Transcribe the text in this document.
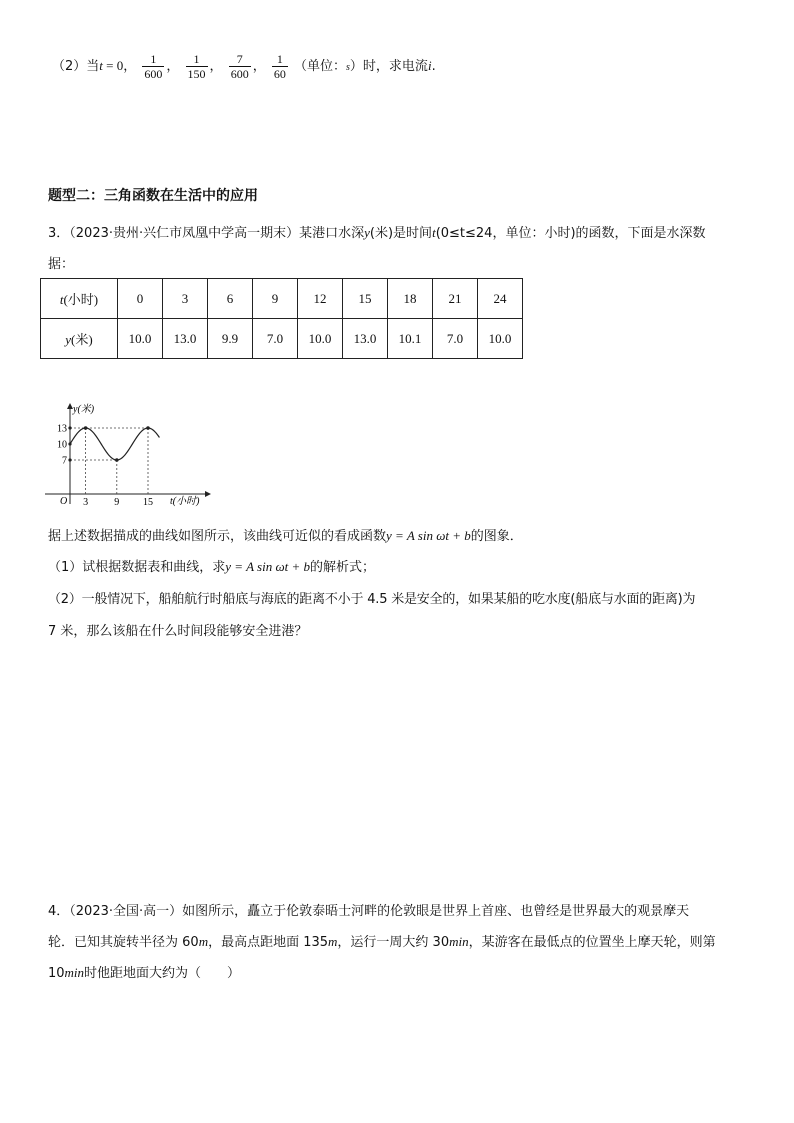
（2）当t = 0， $\frac{1}{600}$ ， $\frac{1}{150}$ ， $\frac{7}{600}$ ， $\frac{1}{60}$ （单位：s）时，求电流i.
题型二：三角函数在生活中的应用
3．（2023·贵州·兴仁市凤凰中学高一期末）某港口水深y(米)是时间t(0≤t≤24，单位：小时)的函数，下面是水深数
据：
t(小时)	0	3	6	9	12	15	18	21	24
y(米)	10.0	13.0	9.9	7.0	10.0	13.0	10.1	7.0	10.0
y(米)
t(小时)
O
13
10
7
3	9 15
据上述数据描成的曲线如图所示，该曲线可近似的看成函数y = A sin ωt + b的图象．
（1）试根据数据表和曲线，求y = A sin ωt + b的解析式；
（2）一般情况下，船舶航行时船底与海底的距离不小于 4.5 米是安全的，如果某船的吃水度(船底与水面的距离)为
7 米，那么该船在什么时间段能够安全进港？
4．（2023·全国·高一）如图所示，矗立于伦敦泰晤士河畔的伦敦眼是世界上首座、也曾经是世界最大的观景摩天
轮．已知其旋转半径为 60m，最高点距地面 135m，运行一周大约 30min，某游客在最低点的位置坐上摩天轮，则第
10min时他距地面大约为（　　）
